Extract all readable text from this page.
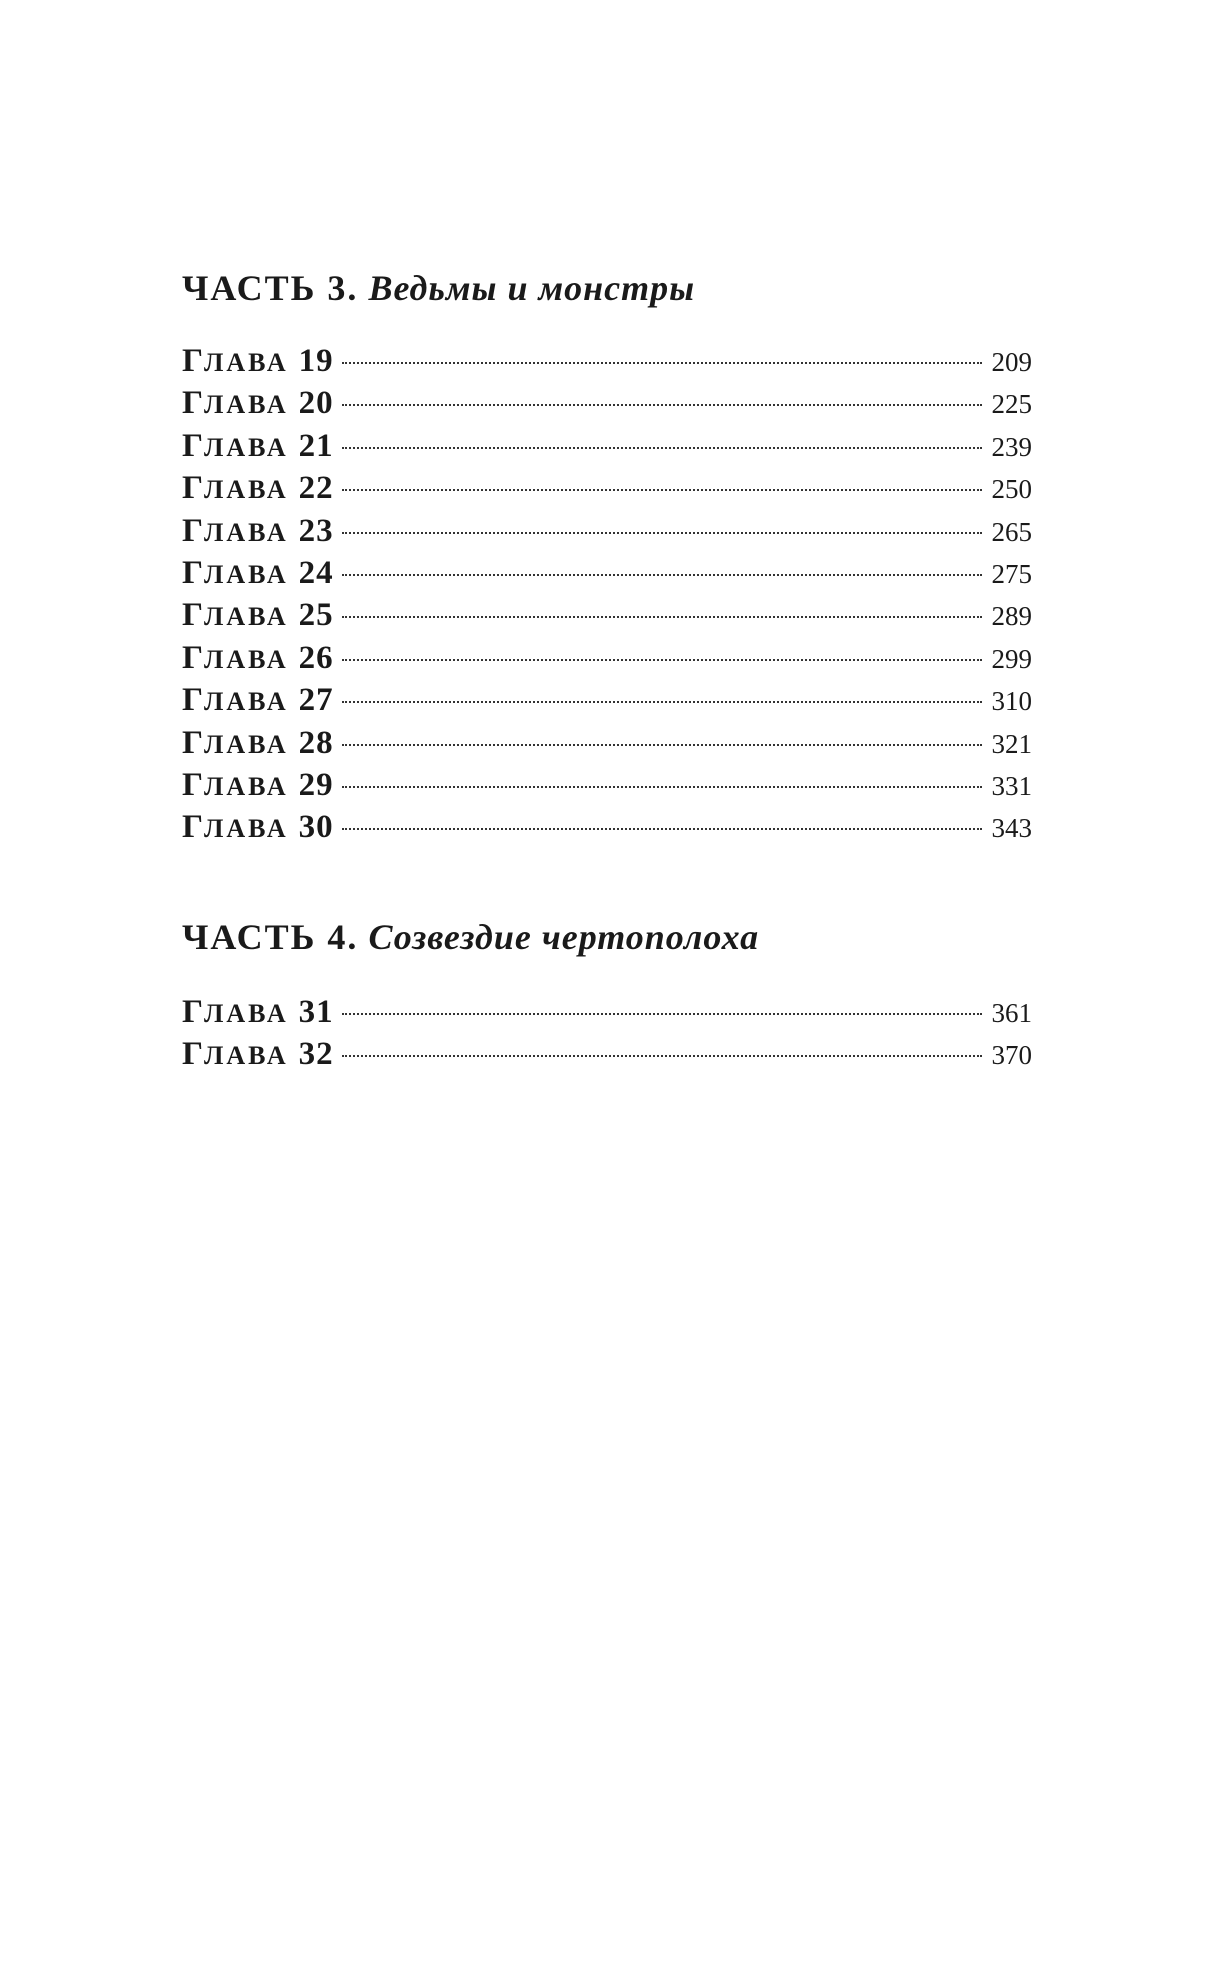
ЧАСТЬ 3. Ведьмы и монстры
ГЛАВА 19	209
ГЛАВА 20	225
ГЛАВА 21	239
ГЛАВА 22	250
ГЛАВА 23	265
ГЛАВА 24	275
ГЛАВА 25	289
ГЛАВА 26	299
ГЛАВА 27	310
ГЛАВА 28	321
ГЛАВА 29	331
ГЛАВА 30	343
ЧАСТЬ 4. Созвездие чертополоха
ГЛАВА 31	361
ГЛАВА 32	370
